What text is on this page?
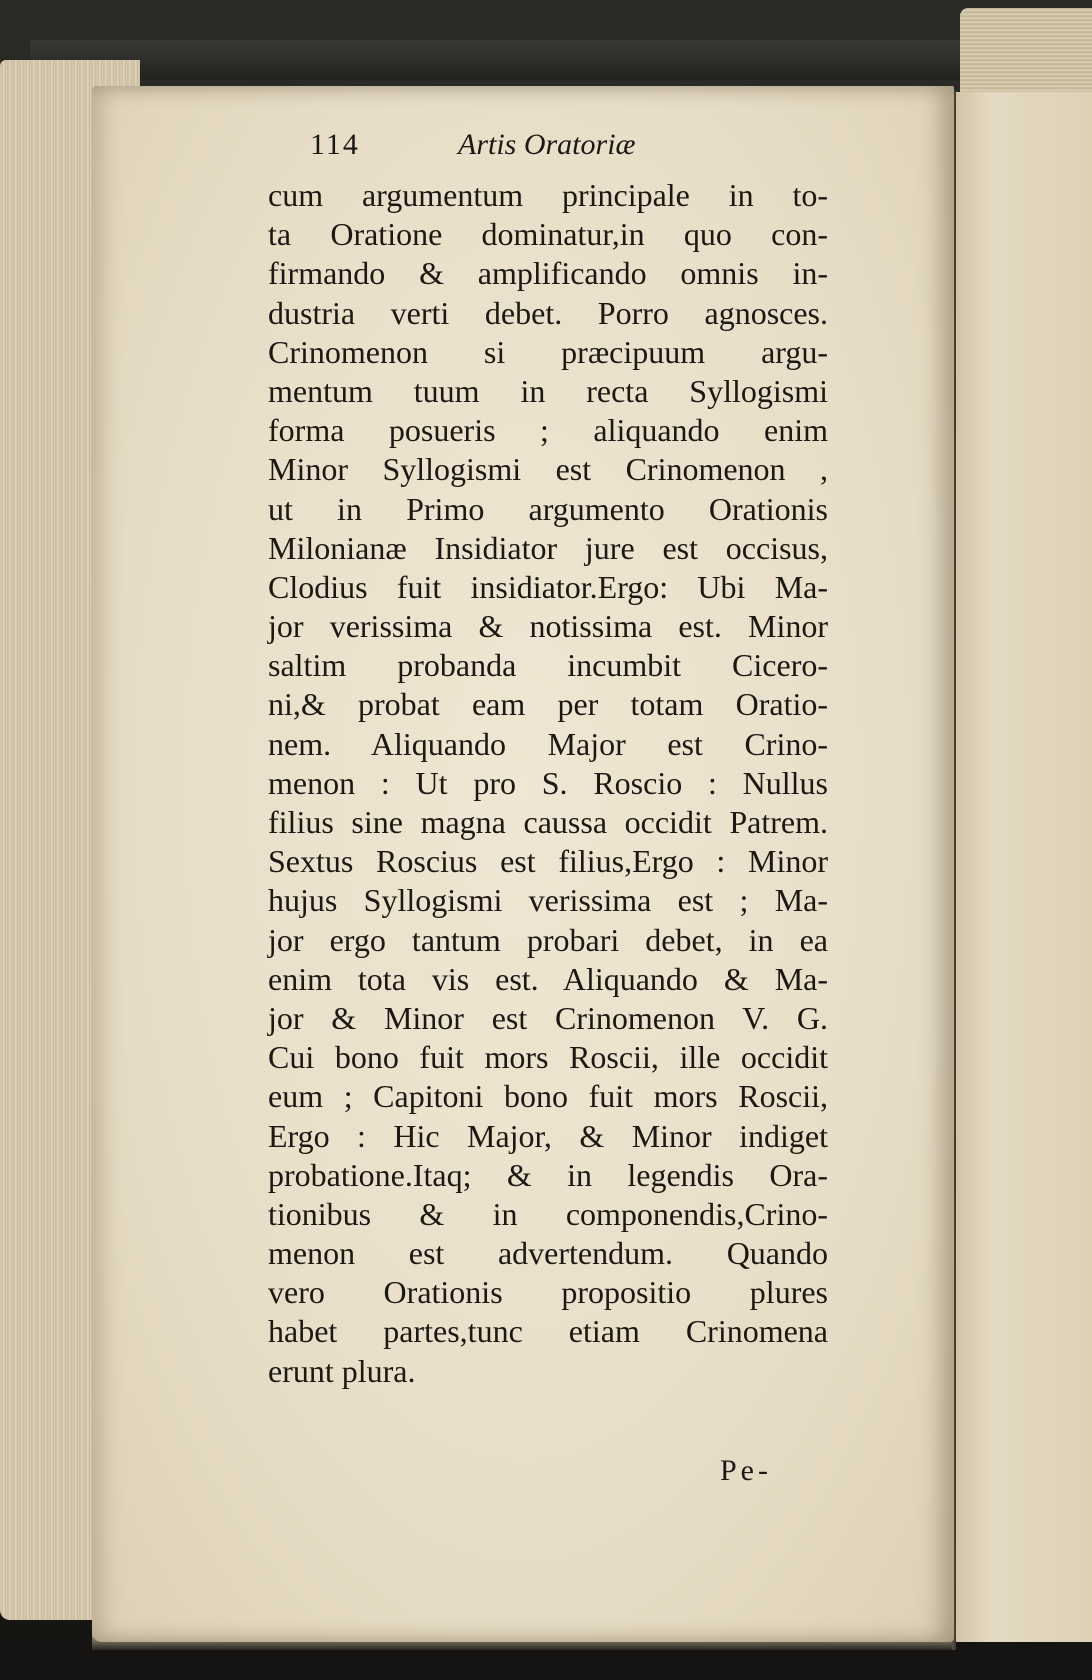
114	Artis Oratoriæ
cum argumentum principale in to-
ta Oratione dominatur,in quo con-
firmando & amplificando omnis in-
dustria verti debet. Porro agnosces.
Crinomenon si præcipuum argu-
mentum tuum in recta Syllogismi
forma posueris ; aliquando enim
Minor Syllogismi est Crinomenon ,
ut in Primo argumento Orationis
Milonianæ Insidiator jure est occisus,
Clodius fuit insidiator.Ergo: Ubi Ma-
jor verissima & notissima est. Minor
saltim probanda incumbit Cicero-
ni,& probat eam per totam Oratio-
nem. Aliquando Major est Crino-
menon : Ut pro S. Roscio : Nullus
filius sine magna caussa occidit Patrem.
Sextus Roscius est filius,Ergo : Minor
hujus Syllogismi verissima est ; Ma-
jor ergo tantum probari debet, in ea
enim tota vis est. Aliquando & Ma-
jor & Minor est Crinomenon V. G.
Cui bono fuit mors Roscii, ille occidit
eum ; Capitoni bono fuit mors Roscii,
Ergo : Hic Major, & Minor indiget
probatione.Itaq; & in legendis Ora-
tionibus & in componendis,Crino-
menon est advertendum. Quando
vero Orationis propositio plures
habet partes,tunc etiam Crinomena
erunt plura.
Pe-
